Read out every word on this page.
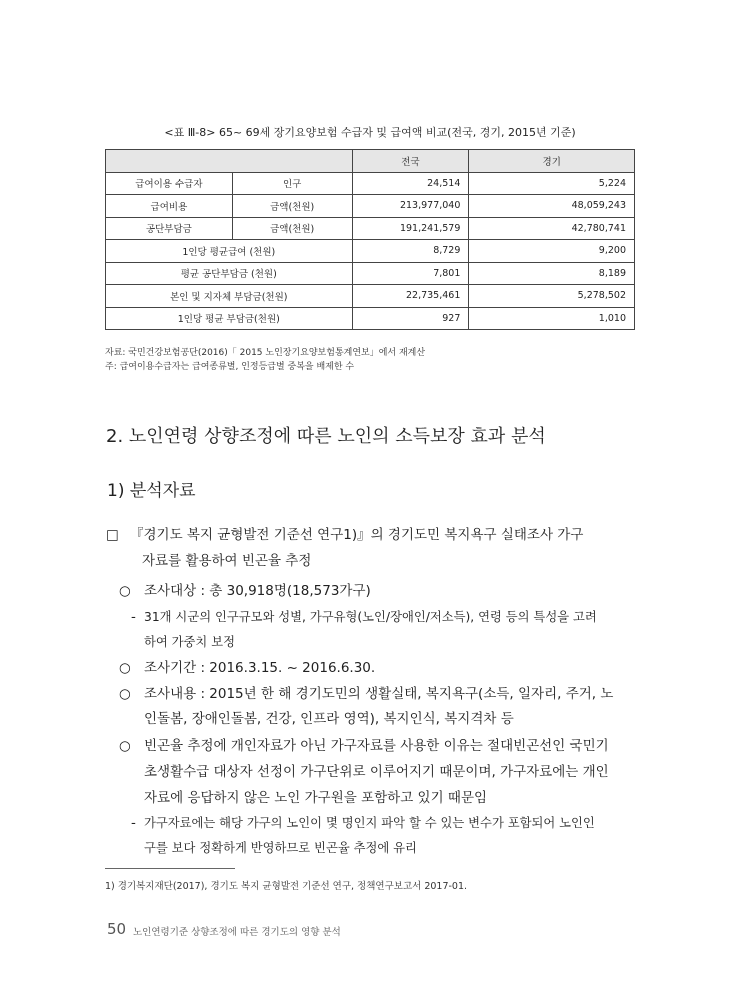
<표 Ⅲ-8> 65~ 69세 장기요양보험 수급자 및 급여액 비교(전국, 경기, 2015년 기준)
		전국	경기
급여이용 수급자	인구	24,514	5,224
급여비용	금액(천원)	213,977,040	48,059,243
공단부담금	금액(천원)	191,241,579	42,780,741
1인당 평균급여 (천원)		8,729	9,200
평균 공단부담금 (천원)		7,801	8,189
본인 및 지자체 부담금(천원)		22,735,461	5,278,502
1인당 평균 부담금(천원)		927	1,010
자료: 국민건강보험공단(2016)「 2015 노인장기요양보험통계연보」에서 재계산
주: 급여이용수급자는 급여종류별, 인정등급별 중복을 배제한 수
2. 노인연령 상향조정에 따른 노인의 소득보장 효과 분석
1) 분석자료
□ 『경기도 복지 균형발전 기준선 연구1)』의 경기도민 복지욕구 실태조사 가구
자료를 활용하여 빈곤율 추정
○ 조사대상 : 총 30,918명(18,573가구)
- 31개 시군의 인구규모와 성별, 가구유형(노인/장애인/저소득), 연령 등의 특성을 고려
하여 가중치 보정
○ 조사기간 : 2016.3.15. ~ 2016.6.30.
○ 조사내용 : 2015년 한 해 경기도민의 생활실태, 복지욕구(소득, 일자리, 주거, 노
인돌봄, 장애인돌봄, 건강, 인프라 영역), 복지인식, 복지격차 등
○ 빈곤율 추정에 개인자료가 아닌 가구자료를 사용한 이유는 절대빈곤선인 국민기
초생활수급 대상자 선정이 가구단위로 이루어지기 때문이며, 가구자료에는 개인
자료에 응답하지 않은 노인 가구원을 포함하고 있기 때문임
- 가구자료에는 해당 가구의 노인이 몇 명인지 파악 할 수 있는 변수가 포함되어 노인인
구를 보다 정확하게 반영하므로 빈곤율 추정에 유리
1) 경기복지재단(2017), 경기도 복지 균형발전 기준선 연구, 정책연구보고서 2017-01.
50 노인연령기준 상향조정에 따른 경기도의 영향 분석
